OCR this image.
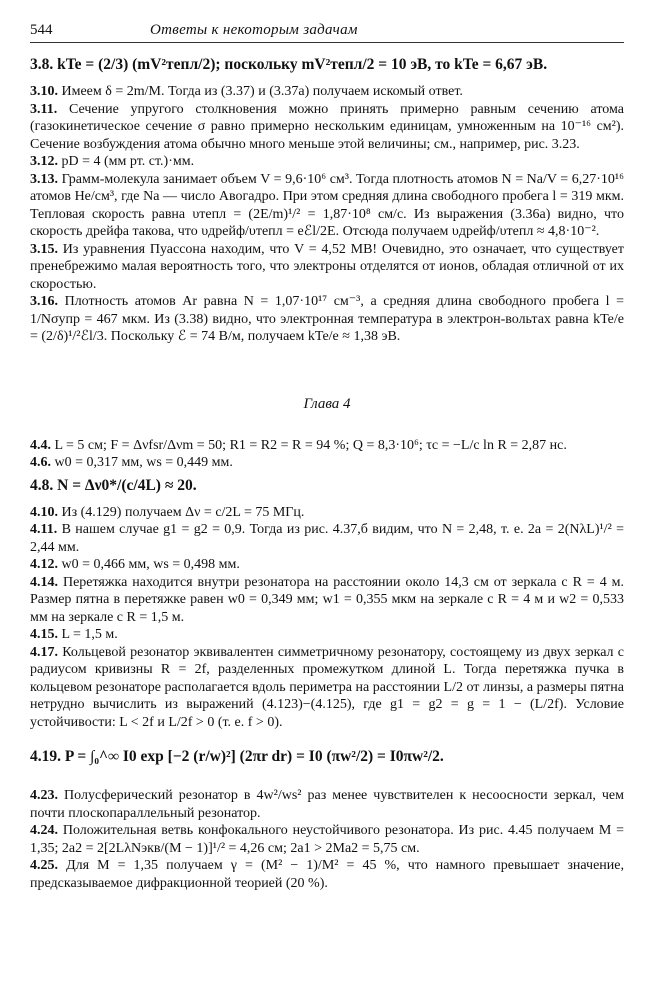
544	Ответы к некоторым задачам
3.8. kTe = (2/3) (mV²тепл/2); поскольку mV²тепл/2 = 10 эВ, то kTe = 6,67 эВ.
3.10. Имеем δ = 2m/M. Тогда из (3.37) и (3.37а) получаем искомый ответ.
3.11. Сечение упругого столкновения можно принять примерно равным сечению атома (газокинетическое сечение σ равно примерно нескольким единицам, умноженным на 10⁻¹⁶ см²). Сечение возбуждения атома обычно много меньше этой величины; см., например, рис. 3.23.
3.12. pD = 4 (мм рт. ст.)·мм.
3.13. Грамм-молекула занимает объем V = 9,6·10⁶ см³. Тогда плотность атомов N = Na/V = 6,27·10¹⁶ атомов He/см³, где Na — число Авогадро. При этом средняя длина свободного пробега l = 319 мкм. Тепловая скорость равна υтепл = (2E/m)¹/² = 1,87·10⁸ см/с. Из выражения (3.36а) видно, что скорость дрейфа такова, что υдрейф/υтепл = eℰl/2E. Отсюда получаем υдрейф/υтепл ≈ 4,8·10⁻².
3.15. Из уравнения Пуассона находим, что V = 4,52 МВ! Очевидно, это означает, что существует пренебрежимо малая вероятность того, что электроны отделятся от ионов, обладая отличной от их скоростью.
3.16. Плотность атомов Ar равна N = 1,07·10¹⁷ см⁻³, а средняя длина свободного пробега l = 1/Nσупр = 467 мкм. Из (3.38) видно, что электронная температура в электрон-вольтах равна kTe/e = (2/δ)¹/²ℰl/3. Поскольку ℰ = 74 В/м, получаем kTe/e ≈ 1,38 эВ.
Глава 4
4.4. L = 5 см; F = Δνfsr/Δνm = 50; R1 = R2 = R = 94 %; Q = 8,3·10⁶; τc = −L/c ln R = 2,87 нс.
4.6. w0 = 0,317 мм, ws = 0,449 мм.
4.8. N = Δν0*/(c/4L) ≈ 20.
4.10. Из (4.129) получаем Δν = c/2L = 75 МГц.
4.11. В нашем случае g1 = g2 = 0,9. Тогда из рис. 4.37,б видим, что N = 2,48, т. е. 2a = 2(NλL)¹/² = 2,44 мм.
4.12. w0 = 0,466 мм, ws = 0,498 мм.
4.14. Перетяжка находится внутри резонатора на расстоянии около 14,3 см от зеркала с R = 4 м. Размер пятна в перетяжке равен w0 = 0,349 мм; w1 = 0,355 мкм на зеркале с R = 4 м и w2 = 0,533 мм на зеркале с R = 1,5 м.
4.15. L = 1,5 м.
4.17. Кольцевой резонатор эквивалентен симметричному резонатору, состоящему из двух зеркал с радиусом кривизны R = 2f, разделенных промежутком длиной L. Тогда перетяжка пучка в кольцевом резонаторе располагается вдоль периметра на расстоянии L/2 от линзы, а размеры пятна нетрудно вычислить из выражений (4.123)−(4.125), где g1 = g2 = g = 1 − (L/2f). Условие устойчивости: L < 2f и L/2f > 0 (т. е. f > 0).
4.19. P = ∫₀^∞ I0 exp [−2 (r/w)²] (2πr dr) = I0 (πw²/2) = I0πw²/2.
4.23. Полусферический резонатор в 4w²/ws² раз менее чувствителен к несоосности зеркал, чем почти плоскопараллельный резонатор.
4.24. Положительная ветвь конфокального неустойчивого резонатора. Из рис. 4.45 получаем M = 1,35; 2a2 = 2[2LλNэкв/(M − 1)]¹/² = 4,26 см; 2a1 > 2Ma2 = 5,75 см.
4.25. Для M = 1,35 получаем γ = (M² − 1)/M² = 45 %, что намного превышает значение, предсказываемое дифракционной теорией (20 %).
